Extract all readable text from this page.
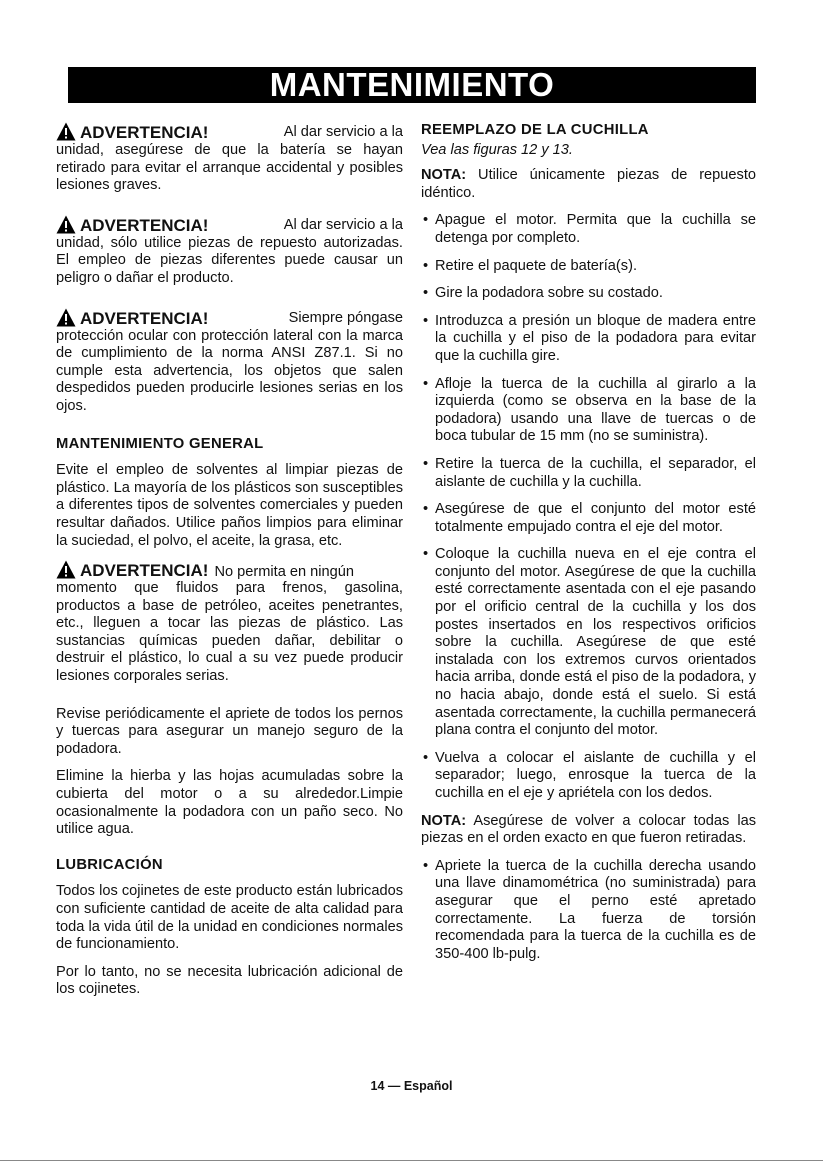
MANTENIMIENTO

ADVERTENCIA!	Al dar servicio a la
unidad, asegúrese de que la batería se hayan retirado para evitar el arranque accidental y posibles lesiones graves.

ADVERTENCIA!	Al dar servicio a la
unidad, sólo utilice piezas de repuesto autorizadas. El empleo de piezas diferentes puede causar un peligro o dañar el producto.

ADVERTENCIA!	Siempre póngase
protección ocular con protección lateral con la marca de cumplimiento de la norma ANSI Z87.1. Si no cumple esta advertencia, los objetos que salen despedidos pueden producirle lesiones serias en los ojos.

MANTENIMIENTO GENERAL

Evite el empleo de solventes al limpiar piezas de plástico. La mayoría de los plásticos son susceptibles a diferentes tipos de solventes comerciales y pueden resultar dañados. Utilice paños limpios para eliminar la suciedad, el polvo, el aceite, la grasa, etc.

ADVERTENCIA! No permita en ningún
momento que fluidos para frenos, gasolina, productos a base de petróleo, aceites penetrantes, etc., lleguen a tocar las piezas de plástico. Las sustancias químicas pueden dañar, debilitar o destruir el plástico, lo cual a su vez puede producir lesiones corporales serias.

Revise periódicamente el apriete de todos los pernos y tuercas para asegurar un manejo seguro de la podadora.

Elimine la hierba y las hojas acumuladas sobre la cubierta del motor o a su alrededor.Limpie ocasionalmente la podadora con un paño seco. No utilice agua.

LUBRICACIÓN

Todos los cojinetes de este producto están lubricados con suficiente cantidad de aceite de alta calidad para toda la vida útil de la unidad en condiciones normales de funcionamiento.

Por lo tanto, no se necesita lubricación adicional de los cojinetes.

REEMPLAZO DE LA CUCHILLA

Vea las figuras 12 y 13.

NOTA: Utilice únicamente piezas de repuesto idéntico.

• Apague el motor. Permita que la cuchilla se detenga por completo.
• Retire el paquete de batería(s).
• Gire la podadora sobre su costado.
• Introduzca a presión un bloque de madera entre la cuchilla y el piso de la podadora para evitar que la cuchilla gire.
• Afloje la tuerca de la cuchilla al girarlo a la izquierda (como se observa en la base de la podadora) usando una llave de tuercas o de boca tubular de 15 mm (no se suministra).
• Retire la tuerca de la cuchilla, el separador, el aislante de cuchilla y la cuchilla.
• Asegúrese de que el conjunto del motor esté totalmente empujado contra el eje del motor.
• Coloque la cuchilla nueva en el eje contra el conjunto del motor. Asegúrese de que la cuchilla esté correctamente asentada con el eje pasando por el orificio central de la cuchilla y los dos postes insertados en los respectivos orificios sobre la cuchilla. Asegúrese de que esté instalada con los extremos curvos orientados hacia arriba, donde está el piso de la podadora, y no hacia abajo, donde está el suelo. Si está asentada correctamente, la cuchilla permanecerá plana contra el conjunto del motor.
• Vuelva a colocar el aislante de cuchilla y el separador; luego, enrosque la tuerca de la cuchilla en el eje y apriétela con los dedos.

NOTA: Asegúrese de volver a colocar todas las piezas en el orden exacto en que fueron retiradas.

• Apriete la tuerca de la cuchilla derecha usando una llave dinamométrica (no suministrada) para asegurar que el perno esté apretado correctamente. La fuerza de torsión recomendada para la tuerca de la cuchilla es de 350-400 lb-pulg.
14 — Español
